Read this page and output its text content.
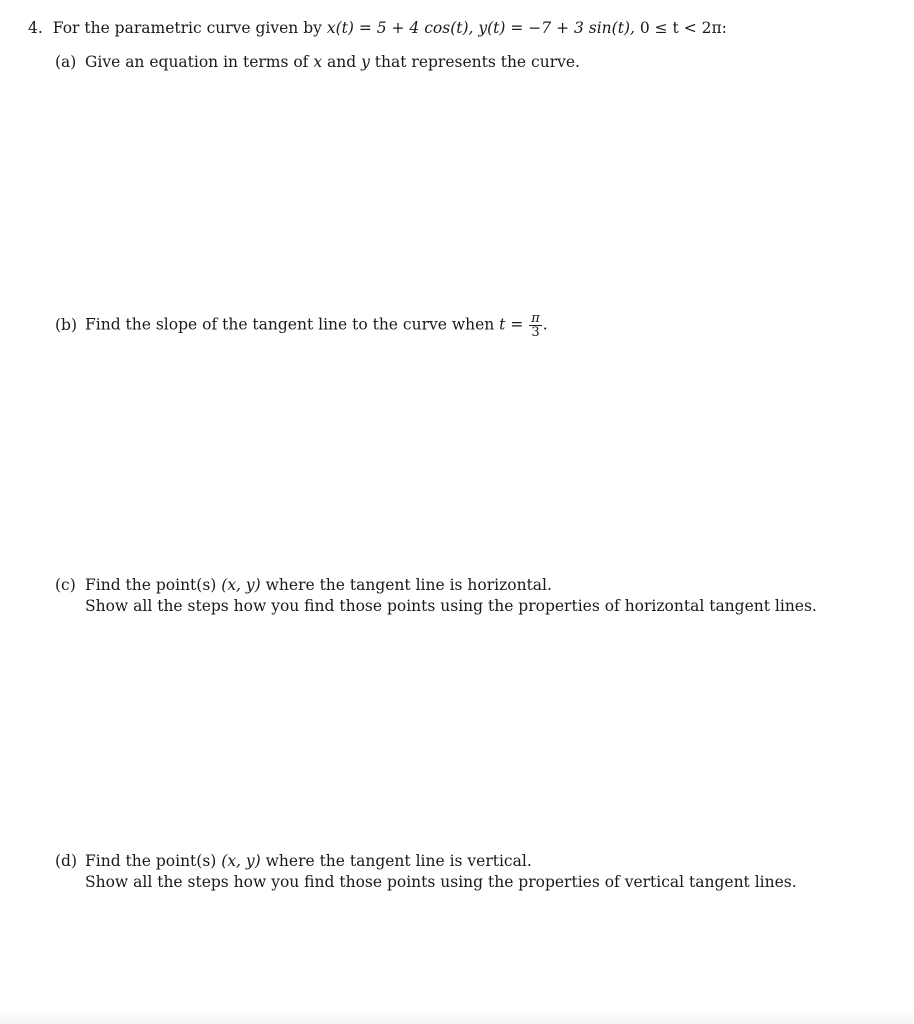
4. For the parametric curve given by x(t) = 5 + 4 cos(t), y(t) = −7 + 3 sin(t), 0 ≤ t < 2π:
(a) Give an equation in terms of x and y that represents the curve.
(b) Find the slope of the tangent line to the curve when $t = \frac{\pi}{3}$ .
(c) Find the point(s) (x, y) where the tangent line is horizontal.
Show all the steps how you find those points using the properties of horizontal tangent lines.
(d) Find the point(s) (x, y) where the tangent line is vertical.
Show all the steps how you find those points using the properties of vertical tangent lines.
